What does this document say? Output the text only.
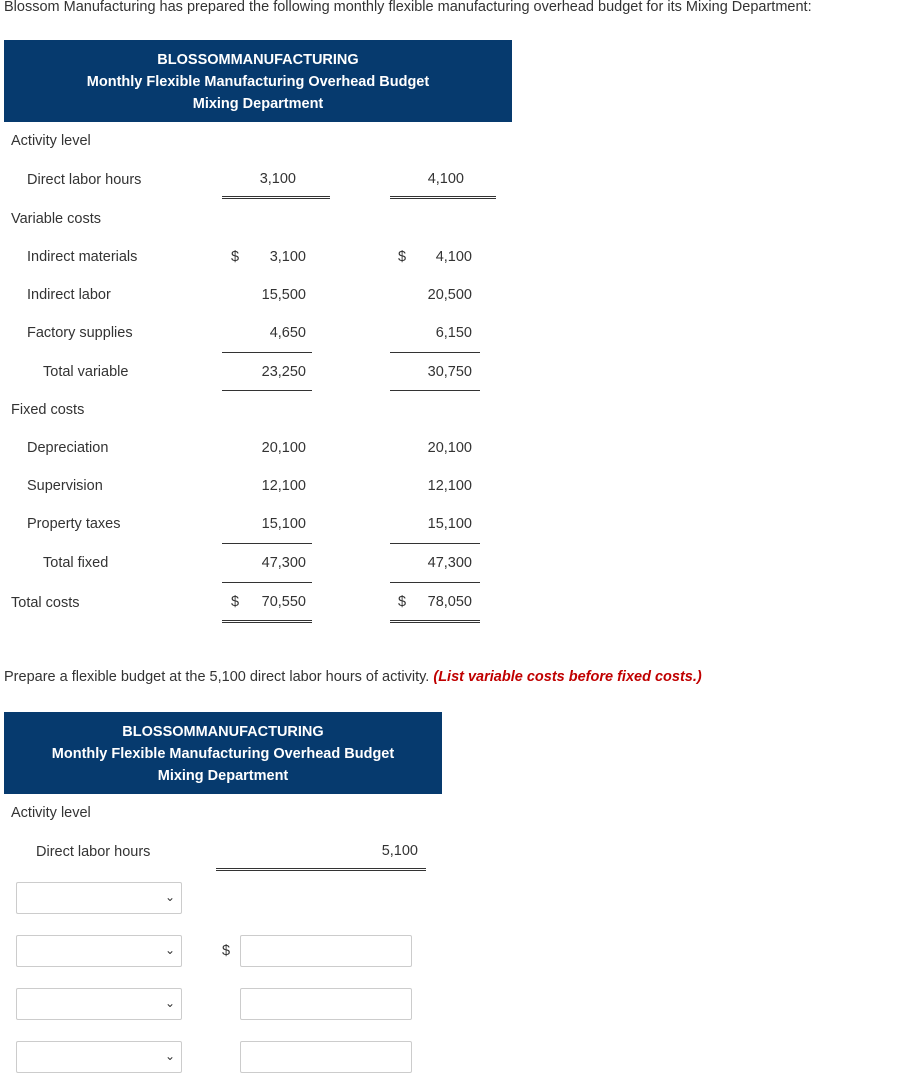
Blossom Manufacturing has prepared the following monthly flexible manufacturing overhead budget for its Mixing Department:
BLOSSOMMANUFACTURING
Monthly Flexible Manufacturing Overhead Budget
Mixing Department
Activity level
Direct labor hours	3,100	4,100
Variable costs
Indirect materials	$	3,100	$	4,100
Indirect labor	15,500	20,500
Factory supplies	4,650	6,150
Total variable	23,250	30,750
Fixed costs
Depreciation	20,100	20,100
Supervision	12,100	12,100
Property taxes	15,100	15,100
Total fixed	47,300	47,300
Total costs	$	70,550	$	78,050
Prepare a flexible budget at the 5,100 direct labor hours of activity. (List variable costs before fixed costs.)
BLOSSOMMANUFACTURING
Monthly Flexible Manufacturing Overhead Budget
Mixing Department
Activity level
Direct labor hours	5,100
⌄
⌄	$
⌄
⌄
